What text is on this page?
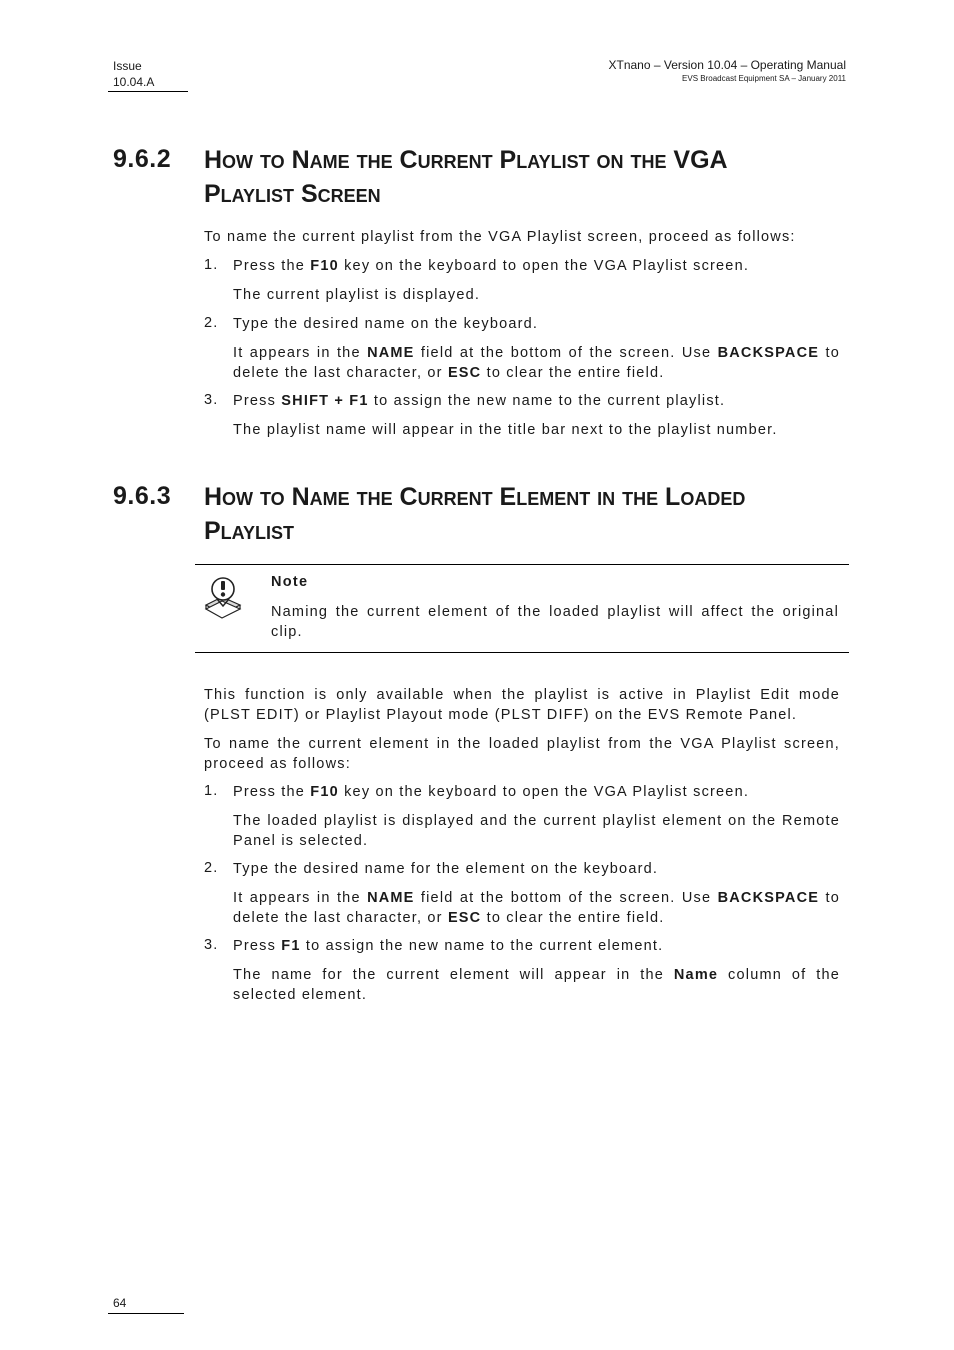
Issue
10.04.A
XTnano – Version 10.04 – Operating Manual
EVS Broadcast Equipment SA – January 2011
9.6.2 How to Name the Current Playlist on the VGA
Playlist Screen
To name the current playlist from the VGA Playlist screen, proceed as follows:
1. Press the F10 key on the keyboard to open the VGA Playlist screen.
The current playlist is displayed.
2. Type the desired name on the keyboard.
It appears in the NAME field at the bottom of the screen. Use BACKSPACE to delete the last character, or ESC to clear the entire field.
3. Press SHIFT + F1 to assign the new name to the current playlist.
The playlist name will appear in the title bar next to the playlist number.
9.6.3 How to Name the Current Element in the Loaded
Playlist
Note
Naming the current element of the loaded playlist will affect the original clip.
This function is only available when the playlist is active in Playlist Edit mode (PLST EDIT) or Playlist Playout mode (PLST DIFF) on the EVS Remote Panel.
To name the current element in the loaded playlist from the VGA Playlist screen, proceed as follows:
1. Press the F10 key on the keyboard to open the VGA Playlist screen.
The loaded playlist is displayed and the current playlist element on the Remote Panel is selected.
2. Type the desired name for the element on the keyboard.
It appears in the NAME field at the bottom of the screen. Use BACKSPACE to delete the last character, or ESC to clear the entire field.
3. Press F1 to assign the new name to the current element.
The name for the current element will appear in the Name column of the selected element.
64
